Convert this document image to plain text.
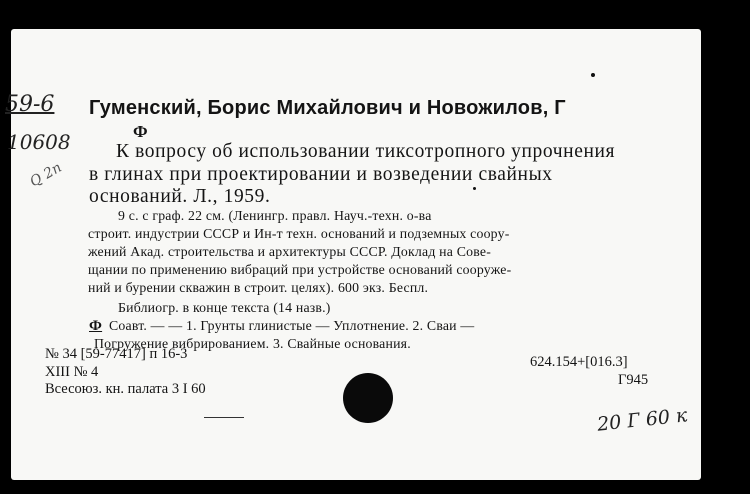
59-6
10608
Q 2n
Гуменский, Борис Михайлович и Новожилов, Г
Ф
К вопросу об использовании тиксотропного упрочнения
в глинах при проектировании и возведении свайных
оснований. Л., 1959.
9 с. с граф. 22 см. (Ленингр. правл. Науч.-техн. о-ва
строит. индустрии СССР и Ин-т техн. оснований и подземных соору-
жений Акад. строительства и архитектуры СССР. Доклад на Сове-
щании по применению вибраций при устройстве оснований сооруже-
ний и бурении скважин в строит. целях). 600 экз. Беспл.
Библиогр. в конце текста (14 назв.)
Ф Соавт. — — 1. Грунты глинистые — Уплотнение. 2. Сваи —
Погружение вибрированием. 3. Свайные основания.
№ 34 [59-77417] п 16-3
XIII № 4
Всесоюз. кн. палата 3 I 60
624.154+[016.3]
Г945
20 Г 60 к
